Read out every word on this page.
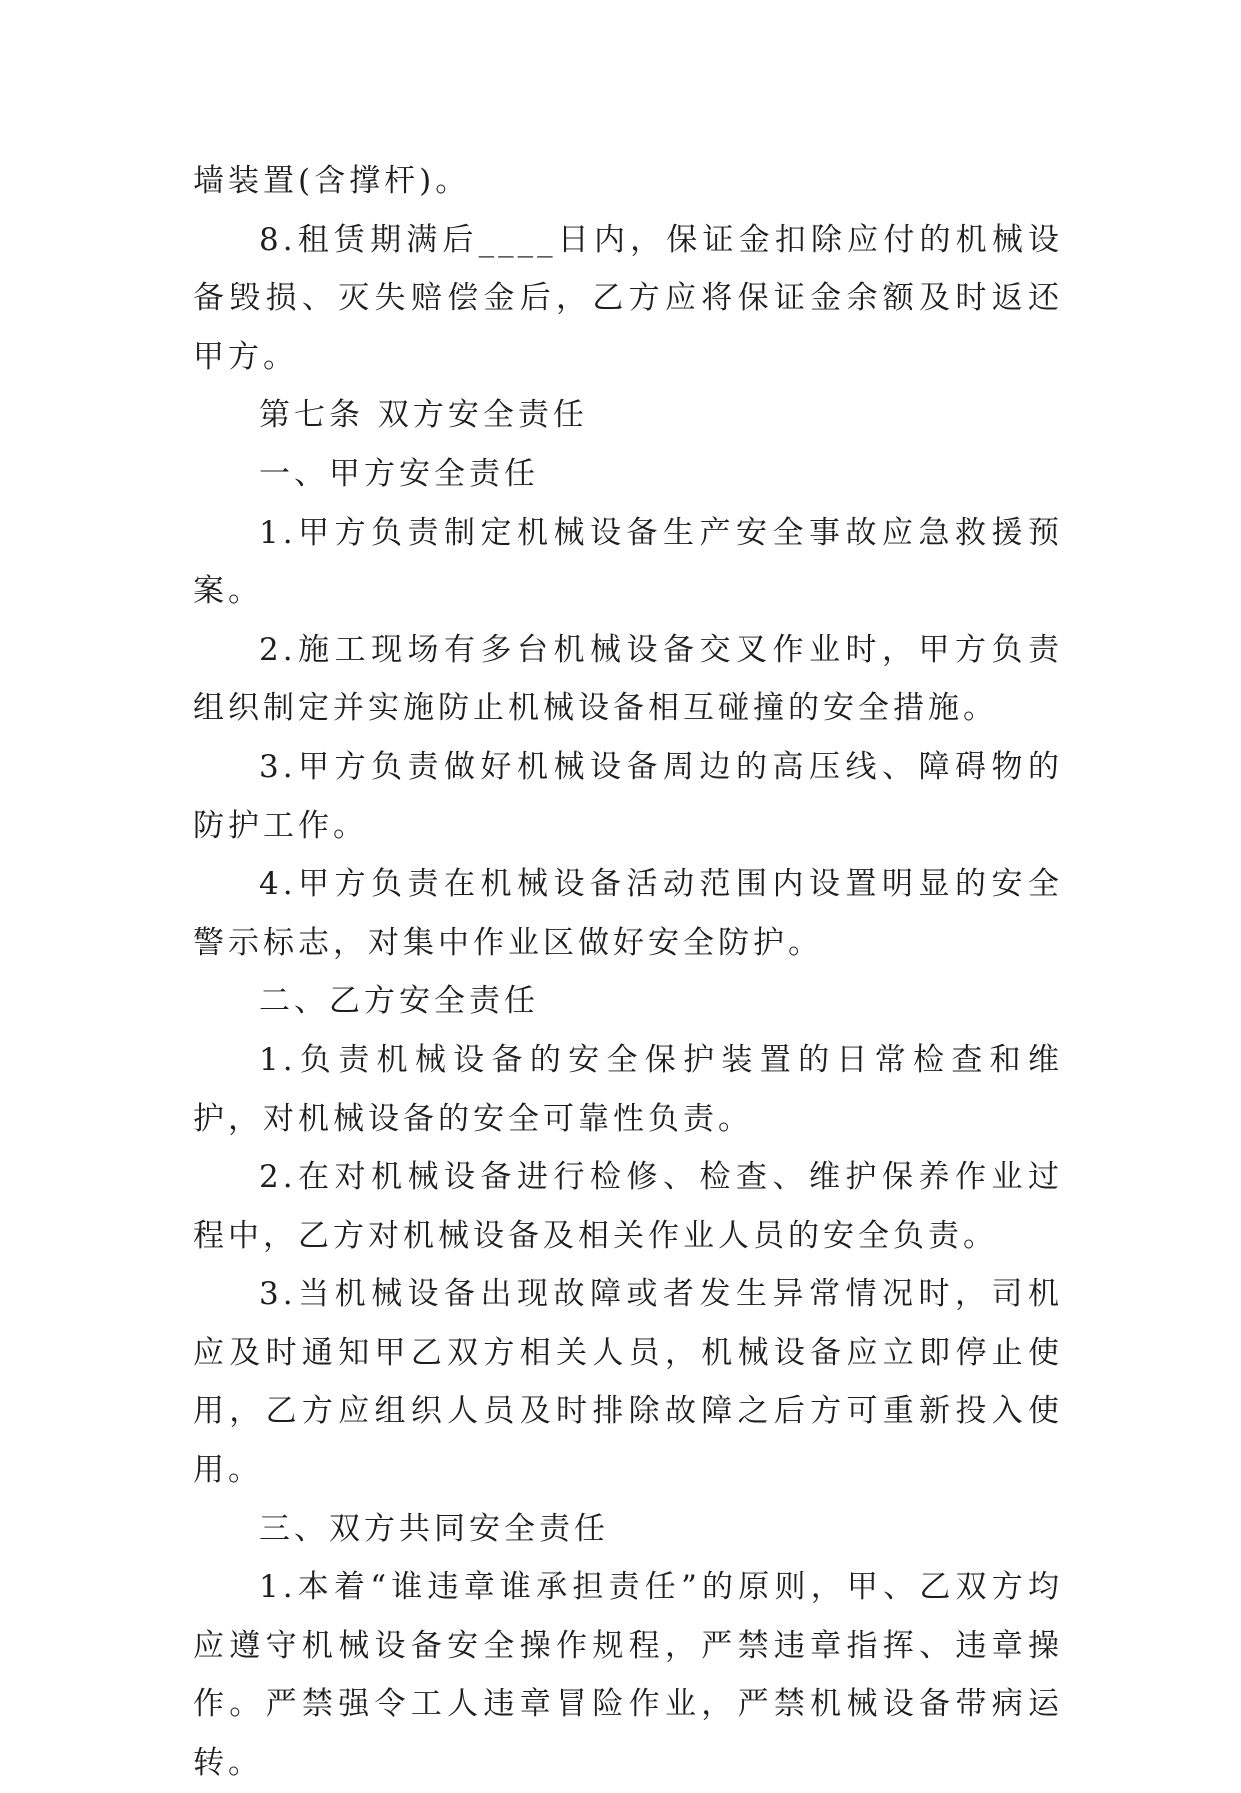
墙装置(含撑杆)。

8.租赁期满后____日内，保证金扣除应付的机械设备毁损、灭失赔偿金后，乙方应将保证金余额及时返还甲方。

第七条 双方安全责任

一、甲方安全责任

1.甲方负责制定机械设备生产安全事故应急救援预案。

2.施工现场有多台机械设备交叉作业时，甲方负责组织制定并实施防止机械设备相互碰撞的安全措施。

3.甲方负责做好机械设备周边的高压线、障碍物的防护工作。

4.甲方负责在机械设备活动范围内设置明显的安全警示标志，对集中作业区做好安全防护。

二、乙方安全责任

1.负责机械设备的安全保护装置的日常检查和维护，对机械设备的安全可靠性负责。

2.在对机械设备进行检修、检查、维护保养作业过程中，乙方对机械设备及相关作业人员的安全负责。

3.当机械设备出现故障或者发生异常情况时，司机应及时通知甲乙双方相关人员，机械设备应立即停止使用，乙方应组织人员及时排除故障之后方可重新投入使用。

三、双方共同安全责任

1.本着“谁违章谁承担责任”的原则，甲、乙双方均应遵守机械设备安全操作规程，严禁违章指挥、违章操作。严禁强令工人违章冒险作业，严禁机械设备带病运转。
